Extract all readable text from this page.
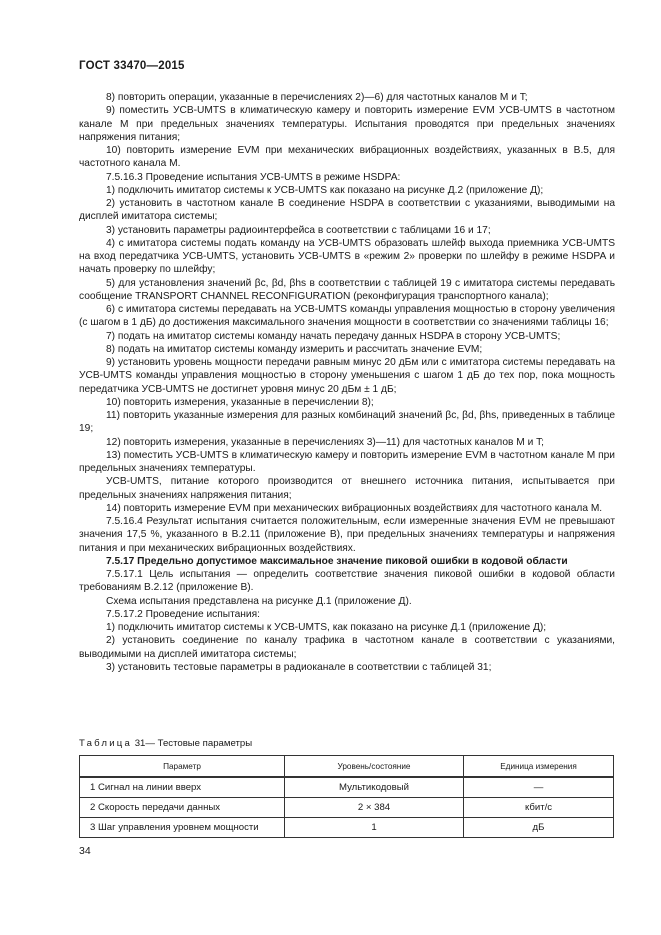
ГОСТ 33470—2015

8) повторить операции, указанные в перечислениях 2)—6) для частотных каналов M и T;

9) поместить УСВ-UMTS в климатическую камеру и повторить измерение EVM УСВ-UMTS в частотном канале M при предельных значениях температуры. Испытания проводятся при предельных значениях напряжения питания;

10) повторить измерение EVM при механических вибрационных воздействиях, указанных в В.5, для частотного канала M.

7.5.16.3 Проведение испытания УСВ-UMTS в режиме HSDPA:

1) подключить имитатор системы к УСВ-UMTS как показано на рисунке Д.2 (приложение Д);

2) установить в частотном канале B соединение HSDPA в соответствии с указаниями, выводимыми на дисплей имитатора системы;

3) установить параметры радиоинтерфейса в соответствии с таблицами 16 и 17;

4) с имитатора системы подать команду на УСВ-UMTS образовать шлейф выхода приемника УСВ-UMTS на вход передатчика УСВ-UMTS, установить УСВ-UMTS в «режим 2» проверки по шлейфу в режиме HSDPA и начать проверку по шлейфу;

5) для установления значений βc, βd, βhs в соответствии с таблицей 19 с имитатора системы передавать сообщение TRANSPORT CHANNEL RECONFIGURATION (реконфигурация транспортного канала);

6) с имитатора системы передавать на УСВ-UMTS команды управления мощностью в сторону увеличения (с шагом в 1 дБ) до достижения максимального значения мощности в соответствии со значениями таблицы 16;

7) подать на имитатор системы команду начать передачу данных HSDPA в сторону УСВ-UMTS;

8) подать на имитатор системы команду измерить и рассчитать значение EVM;

9) установить уровень мощности передачи равным минус 20 дБм или с имитатора системы передавать на УСВ-UMTS команды управления мощностью в сторону уменьшения с шагом 1 дБ до тех пор, пока мощность передатчика УСВ-UMTS не достигнет уровня минус 20 дБм ± 1 дБ;

10) повторить измерения, указанные в перечислении 8);

11) повторить указанные измерения для разных комбинаций значений βc, βd, βhs, приведенных в таблице 19;

12) повторить измерения, указанные в перечислениях 3)—11) для частотных каналов M и T;

13) поместить УСВ-UMTS в климатическую камеру и повторить измерение EVM в частотном канале M при предельных значениях температуры.

УСВ-UMTS, питание которого производится от внешнего источника питания, испытывается при предельных значениях напряжения питания;

14) повторить измерение EVM при механических вибрационных воздействиях для частотного канала M.

7.5.16.4 Результат испытания считается положительным, если измеренные значения EVM не превышают значения 17,5 %, указанного в В.2.11 (приложение В), при предельных значениях температуры и напряжения питания и при механических вибрационных воздействиях.

7.5.17 Предельно допустимое максимальное значение пиковой ошибки в кодовой области

7.5.17.1 Цель испытания — определить соответствие значения пиковой ошибки в кодовой области требованиям В.2.12 (приложение В).

Схема испытания представлена на рисунке Д.1 (приложение Д).

7.5.17.2 Проведение испытания:

1) подключить имитатор системы к УСВ-UMTS, как показано на рисунке Д.1 (приложение Д);

2) установить соединение по каналу трафика в частотном канале в соответствии с указаниями, выводимыми на дисплей имитатора системы;

3) установить тестовые параметры в радиоканале в соответствии с таблицей 31;

Таблица 31— Тестовые параметры
Параметр	Уровень/состояние	Единица измерения
1 Сигнал на линии вверх	Мультикодовый	—
2 Скорость передачи данных	2 × 384	кбит/с
3 Шаг управления уровнем мощности	1	дБ
34
